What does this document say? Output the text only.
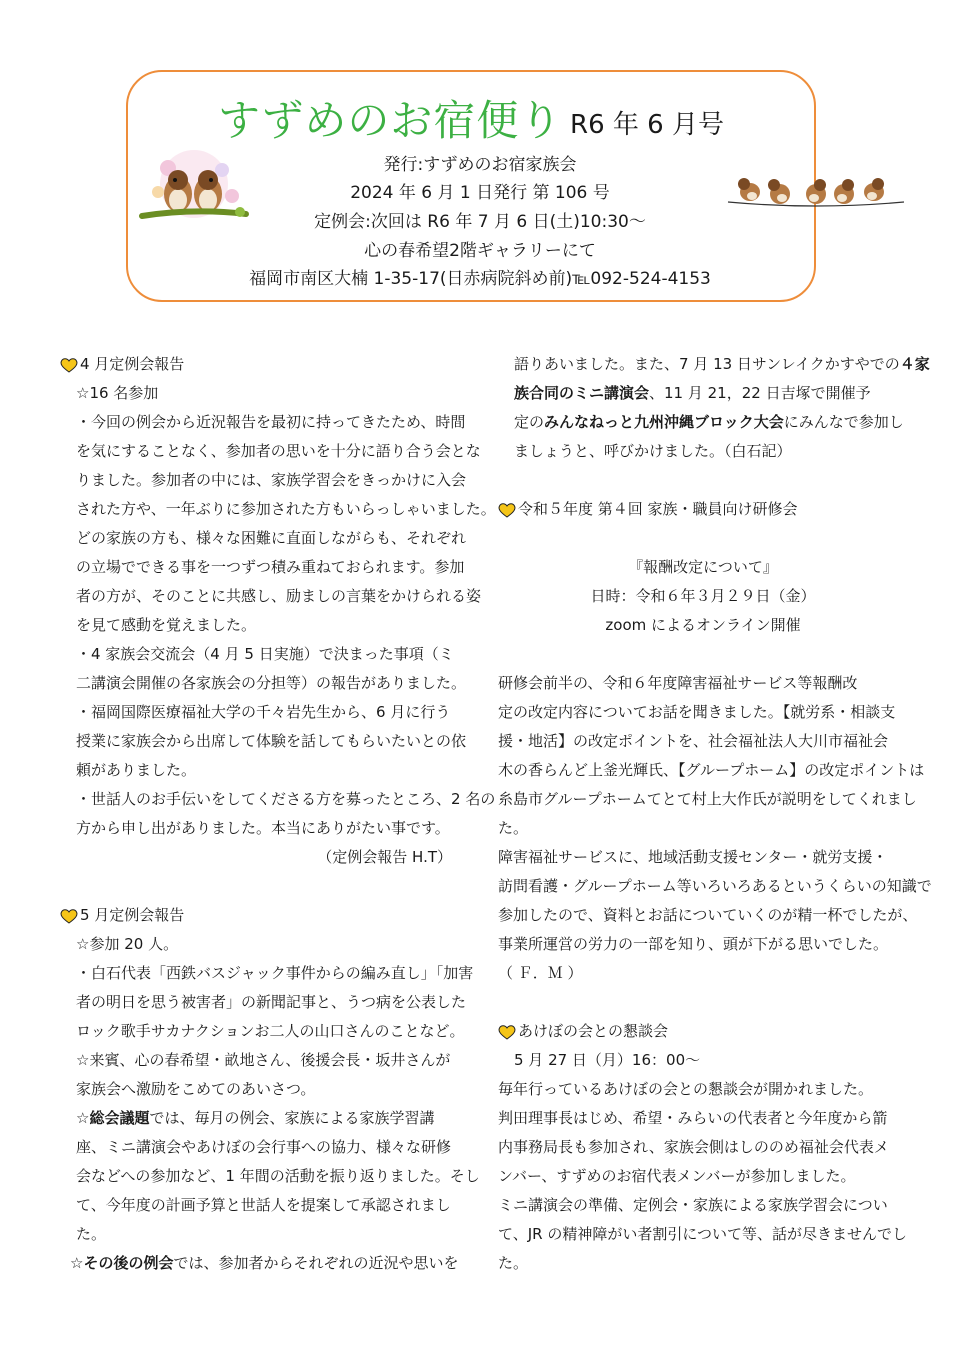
すずめのお宿便り R6 年 6 月号
発行:すずめのお宿家族会
2024 年 6 月 1 日発行 第 106 号
定例会:次回は R6 年 7 月 6 日(土)10:30～
心の春希望2階ギャラリーにて
福岡市南区大楠 1-35-17(日赤病院斜め前)℡092-524-4153

4 月定例会報告

☆16 名参加

・今回の例会から近況報告を最初に持ってきたため、時間

を気にすることなく、参加者の思いを十分に語り合う会とな

りました。参加者の中には、家族学習会をきっかけに入会

された方や、一年ぶりに参加された方もいらっしゃいました。

どの家族の方も、様々な困難に直面しながらも、それぞれ

の立場でできる事を一つずつ積み重ねておられます。参加

者の方が、そのことに共感し、励ましの言葉をかけられる姿

を見て感動を覚えました。

・4 家族会交流会（4 月 5 日実施）で決まった事項（ミ

二講演会開催の各家族会の分担等）の報告がありました。

・福岡国際医療福祉大学の千々岩先生から、6 月に行う

授業に家族会から出席して体験を話してもらいたいとの依

頼がありました。

・世話人のお手伝いをしてくださる方を募ったところ、2 名の

方から申し出がありました。本当にありがたい事です。

（定例会報告 H.T）

5 月定例会報告

☆参加 20 人。

・白石代表「西鉄バスジャック事件からの編み直し」「加害

者の明日を思う被害者」の新聞記事と、うつ病を公表した

ロック歌手サカナクションお二人の山口さんのことなど。

☆来賓、心の春希望・畝地さん、後援会長・坂井さんが

家族会へ激励をこめてのあいさつ。

☆総会議題では、毎月の例会、家族による家族学習講

座、ミニ講演会やあけぼの会行事への協力、様々な研修

会などへの参加など、1 年間の活動を振り返りました。そし

て、今年度の計画予算と世話人を提案して承認されまし

た。

☆その後の例会では、参加者からそれぞれの近況や思いを

語りあいました。また、7 月 13 日サンレイクかすやでの４家

族合同のミニ講演会、11 月 21，22 日吉塚で開催予

定のみんなねっと九州沖縄ブロック大会にみんなで参加し

ましょうと、呼びかけました。（白石記）

令和５年度 第４回 家族・職員向け研修会

『報酬改定について』

日時：令和６年３月２９日（金）

zoom によるオンライン開催

研修会前半の、令和６年度障害福祉サービス等報酬改

定の改定内容についてお話を聞きました。【就労系・相談支

援・地活】の改定ポイントを、社会福祉法人大川市福祉会

木の香らんど上釜光輝氏、【グループホーム】の改定ポイントは

糸島市グループホームてとて村上大作氏が説明をしてくれまし

た。

障害福祉サービスに、地域活動支援センター・就労支援・

訪問看護・グループホーム等いろいろあるというくらいの知識で

参加したので、資料とお話についていくのが精一杯でしたが、

事業所運営の労力の一部を知り、頭が下がる思いでした。

（ Ｆ．Ｍ ）

あけぼの会との懇談会

5 月 27 日（月）16：00～

毎年行っているあけぼの会との懇談会が開かれました。

判田理事長はじめ、希望・みらいの代表者と今年度から箭

内事務局長も参加され、家族会側はしののめ福祉会代表メ

ンバー、すずめのお宿代表メンバーが参加しました。

ミニ講演会の準備、定例会・家族による家族学習会につい

て、JR の精神障がい者割引について等、話が尽きませんでし

た。
